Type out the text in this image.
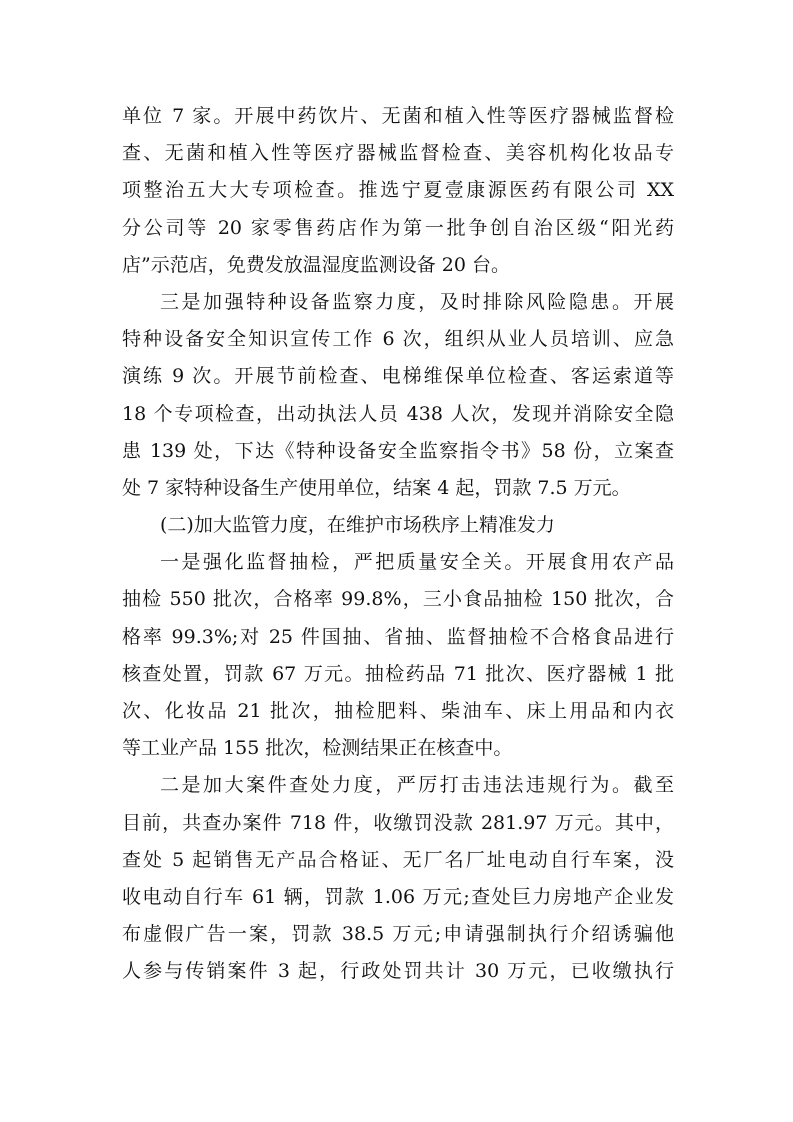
单位 7 家。开展中药饮片、无菌和植入性等医疗器械监督检
查、无菌和植入性等医疗器械监督检查、美容机构化妆品专
项整治五大大专项检查。推选宁夏壹康源医药有限公司 XX
分公司等 20 家零售药店作为第一批争创自治区级“阳光药
店”示范店，免费发放温湿度监测设备 20 台。
三是加强特种设备监察力度，及时排除风险隐患。开展
特种设备安全知识宣传工作 6 次，组织从业人员培训、应急
演练 9 次。开展节前检查、电梯维保单位检查、客运索道等
18 个专项检查，出动执法人员 438 人次，发现并消除安全隐
患 139 处，下达《特种设备安全监察指令书》58 份，立案查
处 7 家特种设备生产使用单位，结案 4 起，罚款 7.5 万元。
(二)加大监管力度，在维护市场秩序上精准发力
一是强化监督抽检，严把质量安全关。开展食用农产品
抽检 550 批次，合格率 99.8%，三小食品抽检 150 批次，合
格率 99.3%;对 25 件国抽、省抽、监督抽检不合格食品进行
核查处置，罚款 67 万元。抽检药品 71 批次、医疗器械 1 批
次、化妆品 21 批次，抽检肥料、柴油车、床上用品和内衣
等工业产品 155 批次，检测结果正在核查中。
二是加大案件查处力度，严厉打击违法违规行为。截至
目前，共查办案件 718 件，收缴罚没款 281.97 万元。其中，
查处 5 起销售无产品合格证、无厂名厂址电动自行车案，没
收电动自行车 61 辆，罚款 1.06 万元;查处巨力房地产企业发
布虚假广告一案，罚款 38.5 万元;申请强制执行介绍诱骗他
人参与传销案件 3 起，行政处罚共计 30 万元，已收缴执行
